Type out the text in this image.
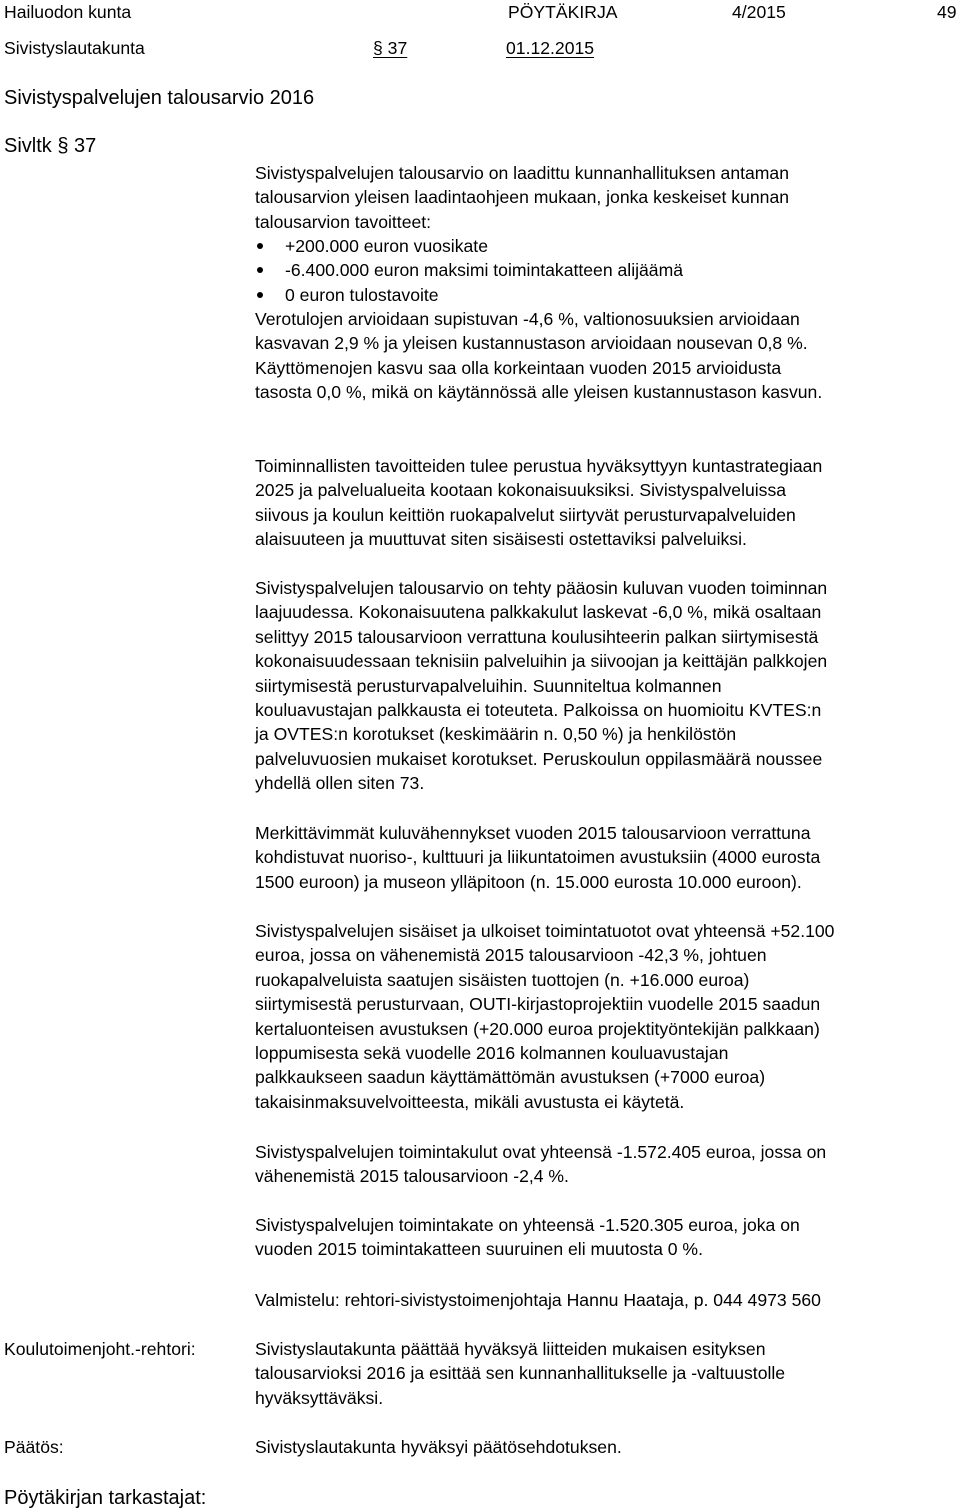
Hailuodon kunta	PÖYTÄKIRJA	4/2015	49
Sivistyslautakunta	§ 37	01.12.2015
Sivistyspalvelujen talousarvio 2016
Sivltk § 37

Sivistyspalvelujen talousarvio on laadittu kunnanhallituksen antaman

talousarvion yleisen laadintaohjeen mukaan, jonka keskeiset kunnan

talousarvion tavoitteet:

+200.000 euron vuosikate
-6.400.000 euron maksimi toimintakatteen alijäämä
0 euron tulostavoite

Verotulojen arvioidaan supistuvan -4,6 %, valtionosuuksien arvioidaan

kasvavan 2,9 % ja yleisen kustannustason arvioidaan nousevan 0,8 %.

Käyttömenojen kasvu saa olla korkeintaan vuoden 2015 arvioidusta

tasosta 0,0 %, mikä on käytännössä alle yleisen kustannustason kasvun.

Toiminnallisten tavoitteiden tulee perustua hyväksyttyyn kuntastrategiaan

2025 ja palvelualueita kootaan kokonaisuuksiksi. Sivistyspalveluissa

siivous ja koulun keittiön ruokapalvelut siirtyvät perusturvapalveluiden

alaisuuteen ja muuttuvat siten sisäisesti ostettaviksi palveluiksi.

Sivistyspalvelujen talousarvio on tehty pääosin kuluvan vuoden toiminnan

laajuudessa. Kokonaisuutena palkkakulut laskevat -6,0 %, mikä osaltaan

selittyy 2015 talousarvioon verrattuna koulusihteerin palkan siirtymisestä

kokonaisuudessaan teknisiin palveluihin ja siivoojan ja keittäjän palkkojen

siirtymisestä perusturvapalveluihin. Suunniteltua kolmannen

kouluavustajan palkkausta ei toteuteta. Palkoissa on huomioitu KVTES:n

ja OVTES:n korotukset (keskimäärin n. 0,50 %) ja henkilöstön

palveluvuosien mukaiset korotukset. Peruskoulun oppilasmäärä noussee

yhdellä ollen siten 73.

Merkittävimmät kuluvähennykset vuoden 2015 talousarvioon verrattuna

kohdistuvat nuoriso-, kulttuuri ja liikuntatoimen avustuksiin (4000 eurosta

1500 euroon) ja museon ylläpitoon (n. 15.000 eurosta 10.000 euroon).

Sivistyspalvelujen sisäiset ja ulkoiset toimintatuotot ovat yhteensä +52.100

euroa, jossa on vähenemistä 2015 talousarvioon -42,3 %, johtuen

ruokapalveluista saatujen sisäisten tuottojen (n. +16.000 euroa)

siirtymisestä perusturvaan, OUTI-kirjastoprojektiin vuodelle 2015 saadun

kertaluonteisen avustuksen (+20.000 euroa projektityöntekijän palkkaan)

loppumisesta sekä vuodelle 2016 kolmannen kouluavustajan

palkkaukseen saadun käyttämättömän avustuksen (+7000 euroa)

takaisinmaksuvelvoitteesta, mikäli avustusta ei käytetä.

Sivistyspalvelujen toimintakulut ovat yhteensä -1.572.405 euroa, jossa on

vähenemistä 2015 talousarvioon -2,4 %.

Sivistyspalvelujen toimintakate on yhteensä -1.520.305 euroa, joka on

vuoden 2015 toimintakatteen suuruinen eli muutosta 0 %.

Valmistelu: rehtori-sivistystoimenjohtaja Hannu Haataja, p. 044 4973 560

Koulutoimenjoht.-rehtori:	Sivistyslautakunta päättää hyväksyä liitteiden mukaisen esityksen

talousarvioksi 2016 ja esittää sen kunnanhallitukselle ja -valtuustolle

hyväksyttäväksi.

Päätös:	Sivistyslautakunta hyväksyi päätösehdotuksen.

Pöytäkirjan tarkastajat:
